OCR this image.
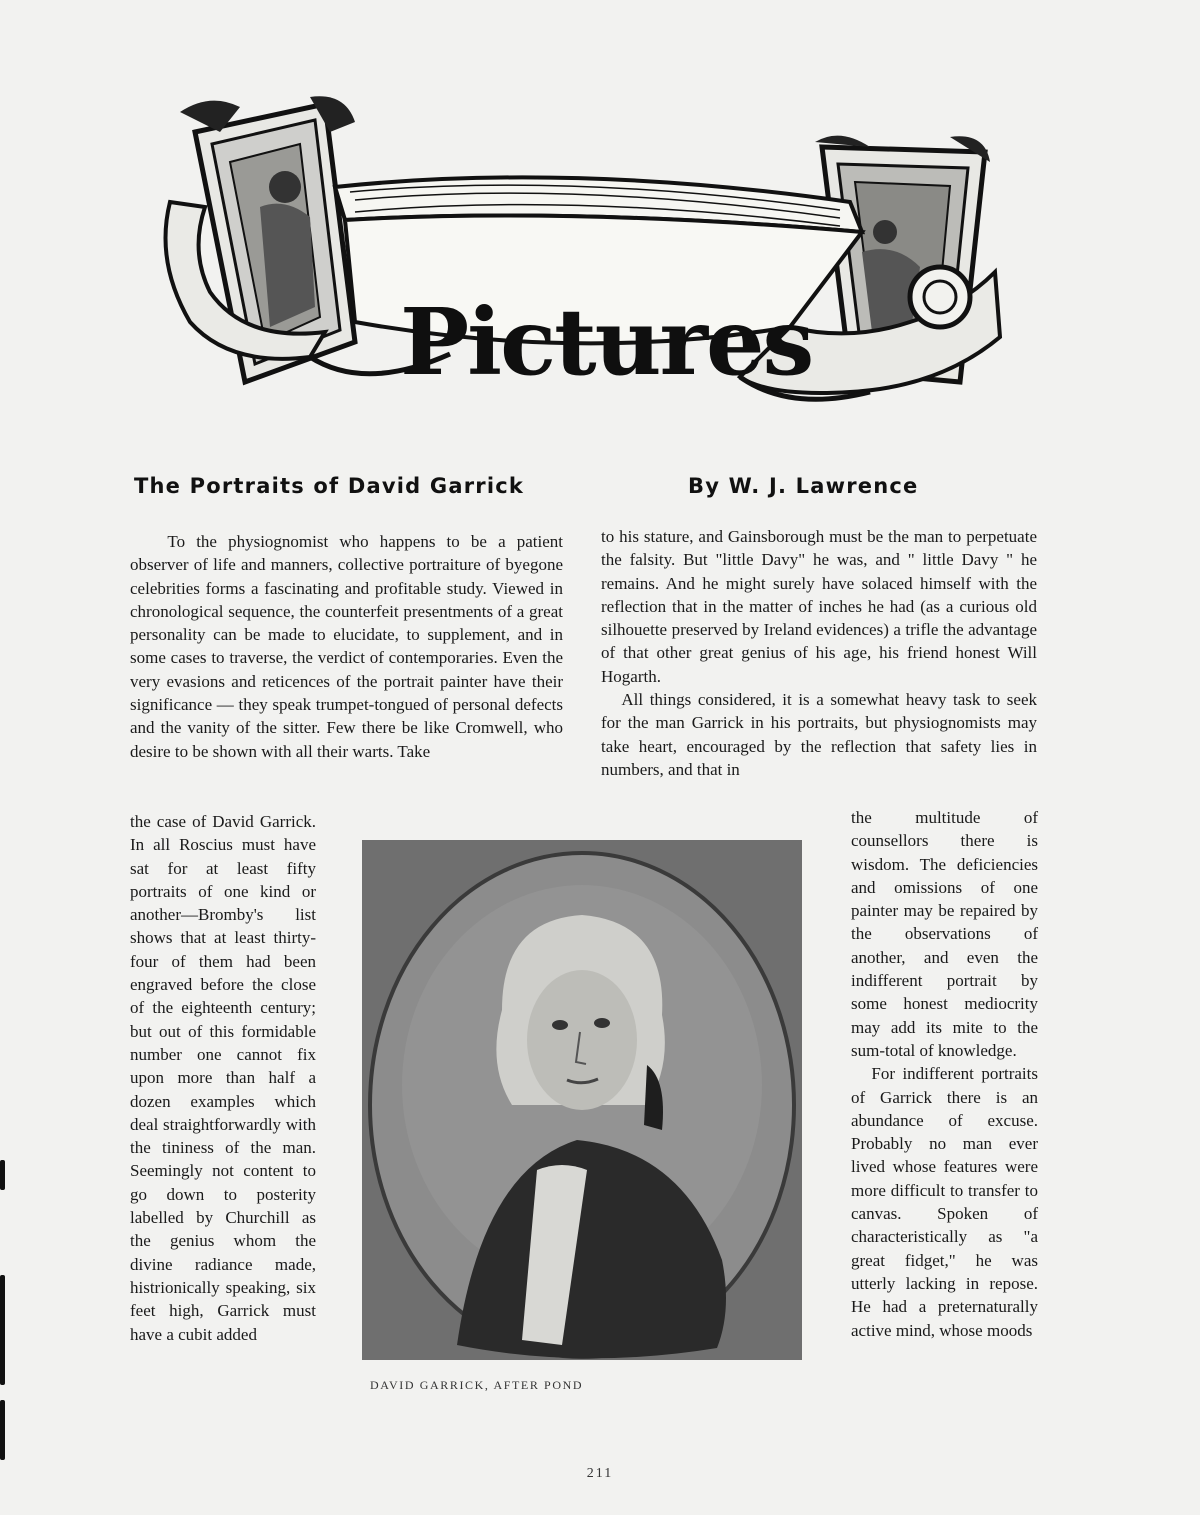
Pictures
The Portraits of David Garrick	By W. J. Lawrence

To the physiognomist who happens to be a patient observer of life and manners, collective portraiture of byegone celebrities forms a fascinating and profitable study. Viewed in chronological sequence, the counterfeit presentments of a great personality can be made to elucidate, to supplement, and in some cases to traverse, the verdict of contemporaries. Even the very evasions and reticences of the portrait painter have their significance — they speak trumpet-tongued of personal defects and the vanity of the sitter. Few there be like Cromwell, who desire to be shown with all their warts. Take

the case of David Garrick. In all Roscius must have sat for at least fifty portraits of one kind or another—Bromby's list shows that at least thirty-four of them had been engraved before the close of the eighteenth century; but out of this formidable number one cannot fix upon more than half a dozen examples which deal straightforwardly with the tininess of the man. Seemingly not content to go down to posterity labelled by Churchill as the genius whom the divine radiance made, histrionically speaking, six feet high, Garrick must have a cubit added

to his stature, and Gainsborough must be the man to perpetuate the falsity. But "little Davy" he was, and " little Davy " he remains. And he might surely have solaced himself with the reflection that in the matter of inches he had (as a curious old silhouette preserved by Ireland evidences) a trifle the advantage of that other great genius of his age, his friend honest Will Hogarth.

All things considered, it is a somewhat heavy task to seek for the man Garrick in his portraits, but physiognomists may take heart, encouraged by the reflection that safety lies in numbers, and that in

the multitude of counsellors there is wisdom. The deficiencies and omissions of one painter may be repaired by the observations of another, and even the indifferent portrait by some honest mediocrity may add its mite to the sum-total of knowledge.

For indifferent portraits of Garrick there is an abundance of excuse. Probably no man ever lived whose features were more difficult to transfer to canvas. Spoken of characteristically as "a great fidget," he was utterly lacking in repose. He had a preternaturally active mind, whose moods

DAVID GARRICK, AFTER POND
211
